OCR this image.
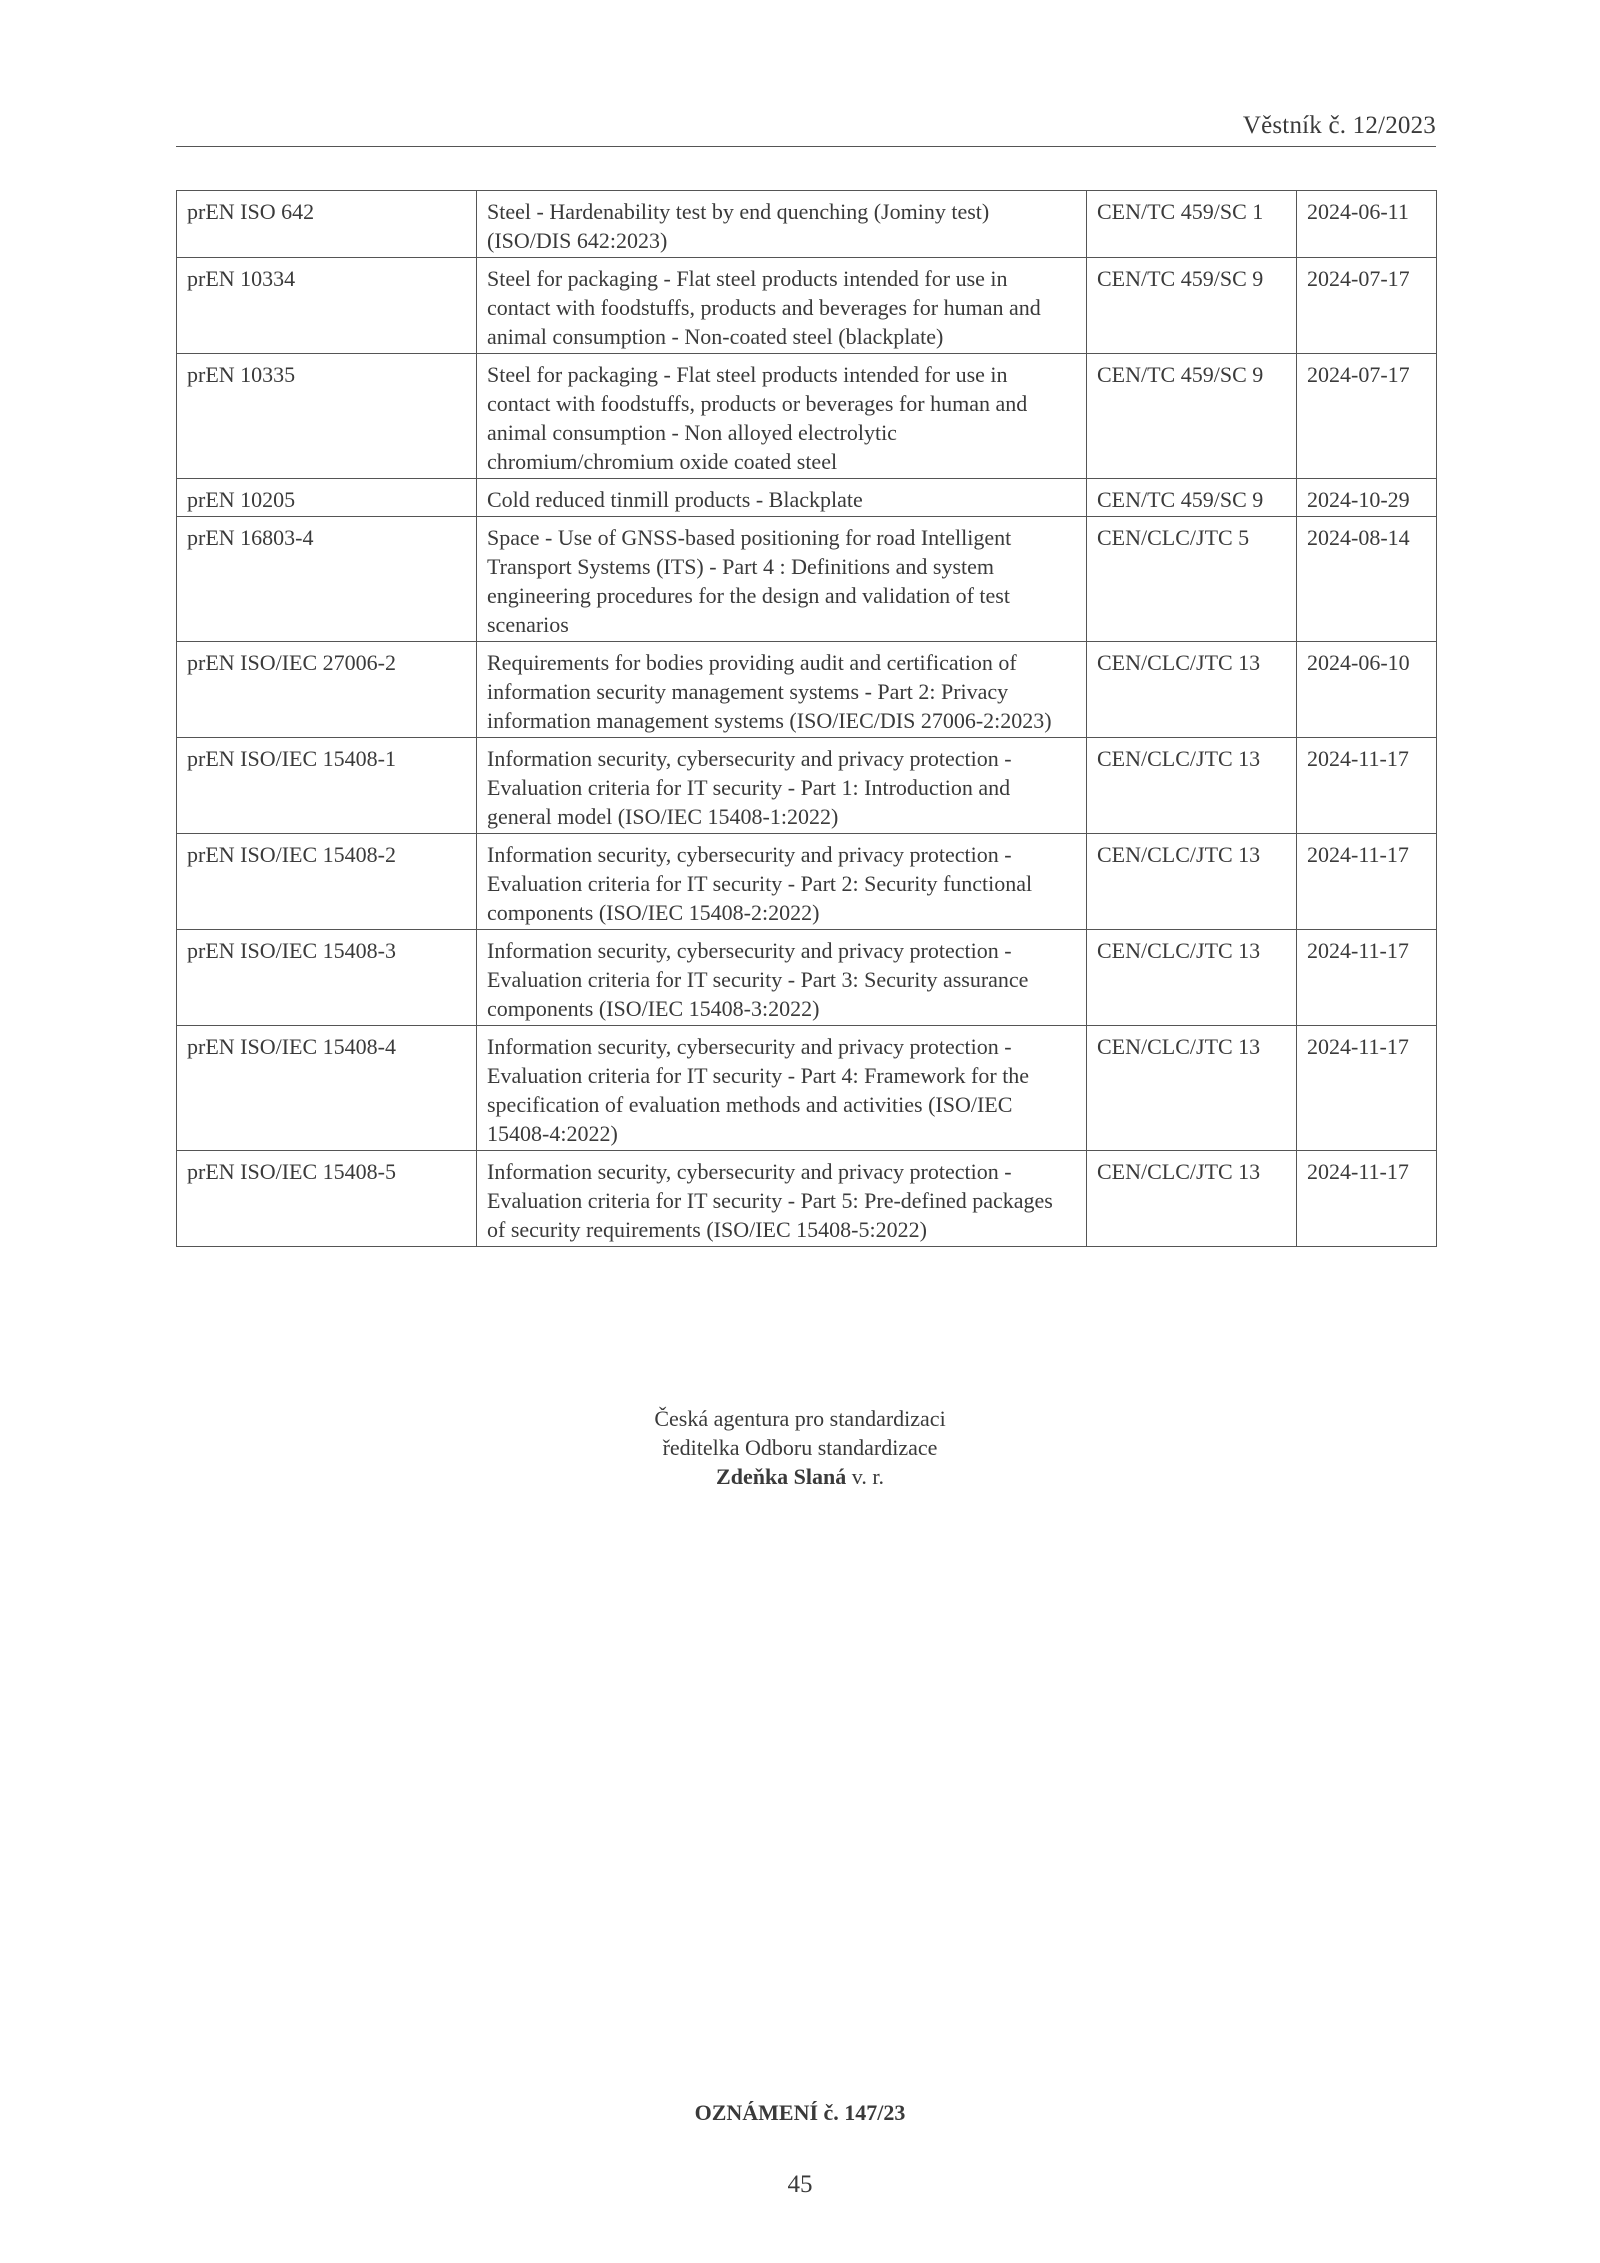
Věstník č. 12/2023
prEN ISO 642	Steel - Hardenability test by end quenching (Jominy test) (ISO/DIS 642:2023)	CEN/TC 459/SC 1	2024-06-11
prEN 10334	Steel for packaging - Flat steel products intended for use in contact with foodstuffs, products and beverages for human and animal consumption - Non-coated steel (blackplate)	CEN/TC 459/SC 9	2024-07-17
prEN 10335	Steel for packaging - Flat steel products intended for use in contact with foodstuffs, products or beverages for human and animal consumption - Non alloyed electrolytic chromium/chromium oxide coated steel	CEN/TC 459/SC 9	2024-07-17
prEN 10205	Cold reduced tinmill products - Blackplate	CEN/TC 459/SC 9	2024-10-29
prEN 16803-4	Space - Use of GNSS-based positioning for road Intelligent Transport Systems (ITS) - Part 4 : Definitions and system engineering procedures for the design and validation of test scenarios	CEN/CLC/JTC 5	2024-08-14
prEN ISO/IEC 27006-2	Requirements for bodies providing audit and certification of information security management systems - Part 2: Privacy information management systems (ISO/IEC/DIS 27006-2:2023)	CEN/CLC/JTC 13	2024-06-10
prEN ISO/IEC 15408-1	Information security, cybersecurity and privacy protection - Evaluation criteria for IT security - Part 1: Introduction and general model (ISO/IEC 15408-1:2022)	CEN/CLC/JTC 13	2024-11-17
prEN ISO/IEC 15408-2	Information security, cybersecurity and privacy protection - Evaluation criteria for IT security - Part 2: Security functional components (ISO/IEC 15408-2:2022)	CEN/CLC/JTC 13	2024-11-17
prEN ISO/IEC 15408-3	Information security, cybersecurity and privacy protection - Evaluation criteria for IT security - Part 3: Security assurance components (ISO/IEC 15408-3:2022)	CEN/CLC/JTC 13	2024-11-17
prEN ISO/IEC 15408-4	Information security, cybersecurity and privacy protection - Evaluation criteria for IT security - Part 4: Framework for the specification of evaluation methods and activities (ISO/IEC 15408-4:2022)	CEN/CLC/JTC 13	2024-11-17
prEN ISO/IEC 15408-5	Information security, cybersecurity and privacy protection - Evaluation criteria for IT security - Part 5: Pre-defined packages of security requirements (ISO/IEC 15408-5:2022)	CEN/CLC/JTC 13	2024-11-17
Česká agentura pro standardizaci
ředitelka Odboru standardizace
Zdeňka Slaná v. r.
OZNÁMENÍ č. 147/23
45
